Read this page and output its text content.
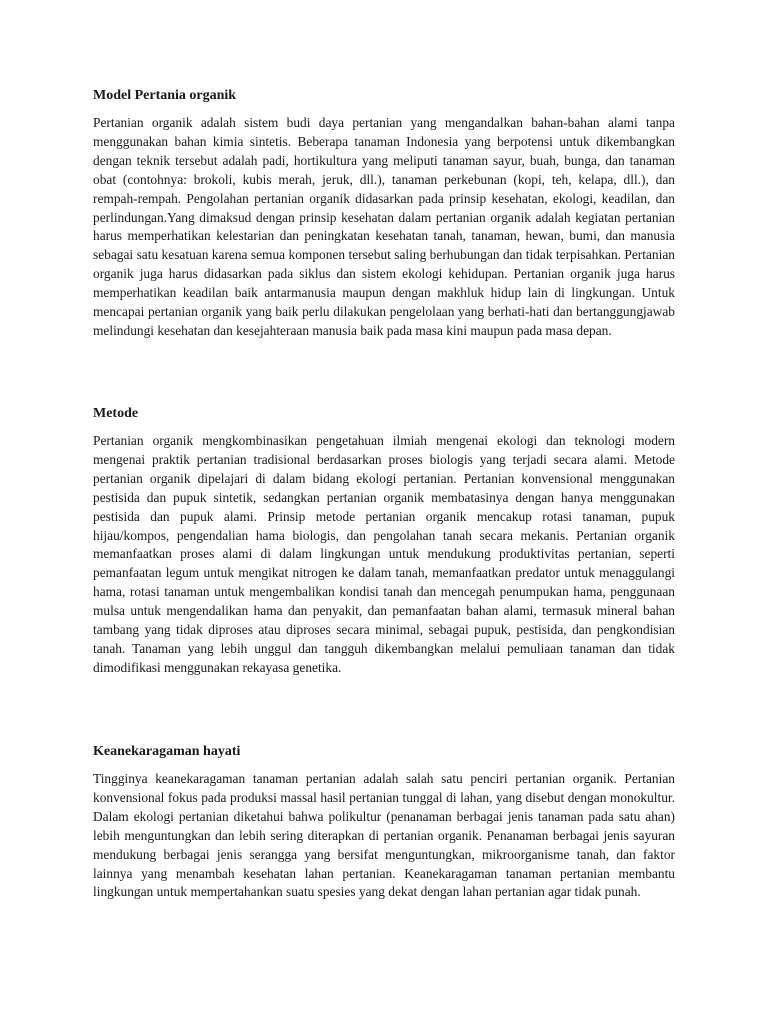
Model Pertania organik

Pertanian organik adalah sistem budi daya pertanian yang mengandalkan bahan-bahan alami tanpa menggunakan bahan kimia sintetis. Beberapa tanaman Indonesia yang berpotensi untuk dikembangkan dengan teknik tersebut adalah padi, hortikultura yang meliputi tanaman sayur, buah, bunga, dan tanaman obat (contohnya: brokoli, kubis merah, jeruk, dll.), tanaman perkebunan (kopi, teh, kelapa, dll.), dan rempah-rempah. Pengolahan pertanian organik didasarkan pada prinsip kesehatan, ekologi, keadilan, dan perlindungan.Yang dimaksud dengan prinsip kesehatan dalam pertanian organik adalah kegiatan pertanian harus memperhatikan kelestarian dan peningkatan kesehatan tanah, tanaman, hewan, bumi, dan manusia sebagai satu kesatuan karena semua komponen tersebut saling berhubungan dan tidak terpisahkan. Pertanian organik juga harus didasarkan pada siklus dan sistem ekologi kehidupan. Pertanian organik juga harus memperhatikan keadilan baik antarmanusia maupun dengan makhluk hidup lain di lingkungan. Untuk mencapai pertanian organik yang baik perlu dilakukan pengelolaan yang berhati-hati dan bertanggungjawab melindungi kesehatan dan kesejahteraan manusia baik pada masa kini maupun pada masa depan.

Metode

Pertanian organik mengkombinasikan pengetahuan ilmiah mengenai ekologi dan teknologi modern mengenai praktik pertanian tradisional berdasarkan proses biologis yang terjadi secara alami. Metode pertanian organik dipelajari di dalam bidang ekologi pertanian. Pertanian konvensional menggunakan pestisida dan pupuk sintetik, sedangkan pertanian organik membatasinya dengan hanya menggunakan pestisida dan pupuk alami. Prinsip metode pertanian organik mencakup rotasi tanaman, pupuk hijau/kompos, pengendalian hama biologis, dan pengolahan tanah secara mekanis. Pertanian organik memanfaatkan proses alami di dalam lingkungan untuk mendukung produktivitas pertanian, seperti pemanfaatan legum untuk mengikat nitrogen ke dalam tanah, memanfaatkan predator untuk menaggulangi hama, rotasi tanaman untuk mengembalikan kondisi tanah dan mencegah penumpukan hama, penggunaan mulsa untuk mengendalikan hama dan penyakit, dan pemanfaatan bahan alami, termasuk mineral bahan tambang yang tidak diproses atau diproses secara minimal, sebagai pupuk, pestisida, dan pengkondisian tanah. Tanaman yang lebih unggul dan tangguh dikembangkan melalui pemuliaan tanaman dan tidak dimodifikasi menggunakan rekayasa genetika.

Keanekaragaman hayati

Tingginya keanekaragaman tanaman pertanian adalah salah satu penciri pertanian organik. Pertanian konvensional fokus pada produksi massal hasil pertanian tunggal di lahan, yang disebut dengan monokultur. Dalam ekologi pertanian diketahui bahwa polikultur (penanaman berbagai jenis tanaman pada satu ahan) lebih menguntungkan dan lebih sering diterapkan di pertanian organik. Penanaman berbagai jenis sayuran mendukung berbagai jenis serangga yang bersifat menguntungkan, mikroorganisme tanah, dan faktor lainnya yang menambah kesehatan lahan pertanian. Keanekaragaman tanaman pertanian membantu lingkungan untuk mempertahankan suatu spesies yang dekat dengan lahan pertanian agar tidak punah.
